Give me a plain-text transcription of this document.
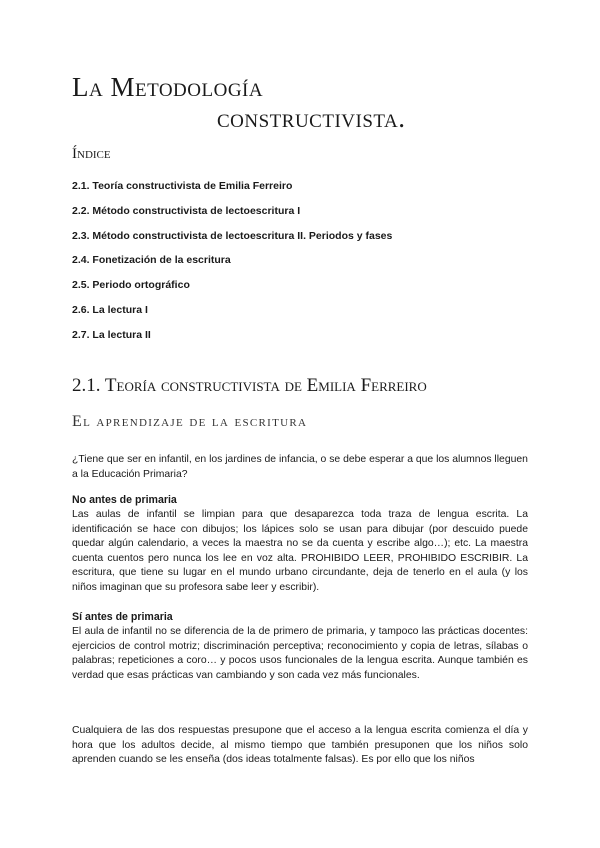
La Metodología
constructivista.
Índice
2.1. Teoría constructivista de Emilia Ferreiro
2.2. Método constructivista de lectoescritura I
2.3. Método constructivista de lectoescritura II. Periodos y fases
2.4. Fonetización de la escritura
2.5. Periodo ortográfico
2.6. La lectura I
2.7. La lectura II
2.1. Teoría constructivista de Emilia Ferreiro
El aprendizaje de la escritura

¿Tiene que ser en infantil, en los jardines de infancia, o se debe esperar a que los alumnos lleguen a la Educación Primaria?

No antes de primaria

Las aulas de infantil se limpian para que desaparezca toda traza de lengua escrita. La identificación se hace con dibujos; los lápices solo se usan para dibujar (por descuido puede quedar algún calendario, a veces la maestra no se da cuenta y escribe algo…); etc. La maestra cuenta cuentos pero nunca los lee en voz alta. PROHIBIDO LEER, PROHIBIDO ESCRIBIR. La escritura, que tiene su lugar en el mundo urbano circundante, deja de tenerlo en el aula (y los niños imaginan que su profesora sabe leer y escribir).

Sí antes de primaria

El aula de infantil no se diferencia de la de primero de primaria, y tampoco las prácticas docentes: ejercicios de control motriz; discriminación perceptiva; reconocimiento y copia de letras, sílabas o palabras; repeticiones a coro… y pocos usos funcionales de la lengua escrita. Aunque también es verdad que esas prácticas van cambiando y son cada vez más funcionales.

Cualquiera de las dos respuestas presupone que el acceso a la lengua escrita comienza el día y hora que los adultos decide, al mismo tiempo que también presuponen que los niños solo aprenden cuando se les enseña (dos ideas totalmente falsas). Es por ello que los niños
